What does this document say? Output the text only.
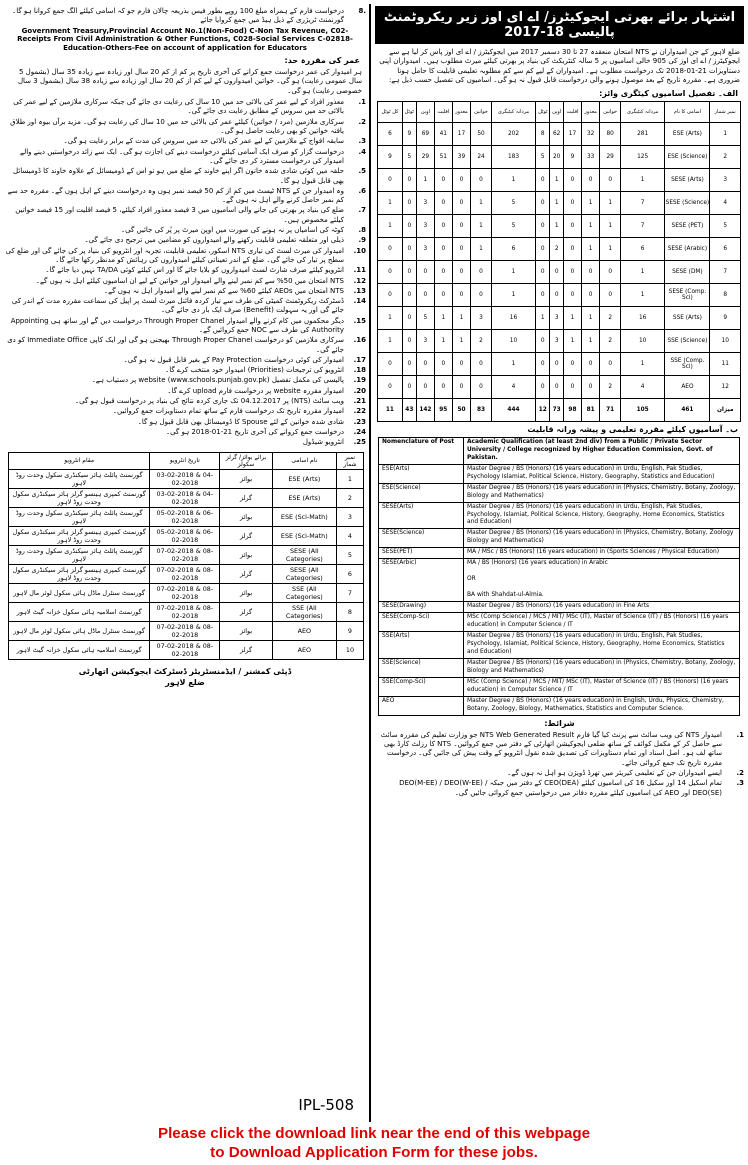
اشتہار برائے بھرتی ایجوکیٹرز/ اے ای اوز زیر ریکروٹمنٹ پالیسی 18-2017
ضلع لاہور کے جن امیدواران نے NTS امتحان منعقدہ 27 تا 30 دسمبر 2017 میں ایجوکیٹرز / اے ای اوز پاس کر لیا ہے سے ایجوکیٹرز / اے ای اوز کی 905 خالی اسامیوں پر 5 سالہ کنٹریکٹ کی بنیاد پر بھرتی کیلئے میرٹ مطلوب ہیں۔ امیدواران اپنی دستاویزات 21-01-2018 تک درخواست مطلوب ہے۔ امیدواران کے لیے کم سے کم مطلوبہ تعلیمی قابلیت کا حامل ہونا ضروری ہے۔ مقررہ تاریخ کے بعد موصول ہونے والی درخواست قابل قبول نہ ہو گی۔ اسامیوں کی تفصیل حسب ذیل ہے:
الف۔ تفصیل اسامیوں کیٹگری وائز:
نمبر شمار	اسامی کا نام	مردانہ کیٹیگری	خواتین	معذور	اقلیت	اوپن	ٹوٹل	مردانہ کیٹیگری	خواتین	معذور	اقلیت	اوپن	ٹوٹل	کل ٹوٹل
1	ESE (Arts)	281	80	32	17	62	8	202	50	17	41	69	9	6
2	ESE (Science)	125	29	33	9	20	5	183	24	39	51	29	5	9
3	SESE (Arts)	1	0	0	0	1	0	1	0	0	0	1	0	0
4	SESE (Science)	7	1	1	0	1	0	5	1	0	0	3	0	1
5	SESE (PET)	7	1	1	0	1	0	5	1	0	0	3	0	1
6	SESE (Arabic)	6	1	1	0	2	0	6	1	0	0	3	0	0
7	SESE (DM)	1	0	0	0	0	0	1	0	0	0	0	0	0
8	SESE (Comp. Sci)	1	0	0	0	0	0	1	0	0	0	0	0	0
9	SSE (Arts)	16	2	1	1	3	1	16	3	1	1	5	0	1
10	SSE (Science)	10	2	1	1	3	0	10	2	1	1	3	0	1
11	SSE (Comp. Sci)	1	0	0	0	0	0	1	0	0	0	0	0	0
12	AEO	4	2	0	0	0	0	4	0	0	0	0	0	0
میزان	461	105	71	81	98	73	12	444	83	50	95	142	43	11
ب۔ آسامیوں کیلئے مقررہ تعلیمی و پیشہ ورانہ قابلیت
Nomenclature of Post	Academic Qualification (at least 2nd div) from a Public / Private Sector University / College recognized by Higher Education Commission, Govt. of Pakistan.
ESE(Arts)	Master Degree / BS (Honors) (16 years education) in Urdu, English, Pak Studies, Psychology Islamiat, Political Science, History, Geography, Statistics and Education)
ESE(Science)	Master Degree / BS (Honors) (16 years education) in (Physics, Chemistry, Botany, Zoology, Biology and Mathematics)
SESE(Arts)	Master Degree / BS (Honors) (16 years education) in Urdu, English, Pak Studies, Psychology, Islamiat, Political Science, History, Geography, Home Economics, Statistics and Education)
SESE(Science)	Master Degree / BS (Honors) (16 years education) in (Physics, Chemistry, Botany, Zoology Biology and Mathematics)
SESE(PET)	MA / MSc / BS (Honors) (16 years education) in (Sports Sciences / Physical Education)
SESE(Arbic)	MA / BS (Honors) (16 years education) in Arabic

OR

BA with Shahdat-ul-Almia.
SESE(Drawing)	Master Degree / BS (Honors) (16 years education) in Fine Arts
SESE(Comp-Sci)	MSc (Comp Science) / MCS / MIT/ MSc (IT), Master of Science (IT) / BS (Honors) (16 years education) in Computer Science / IT
SSE(Arts)	Master Degree / BS (Honors) (16 years education) in Urdu, English, Pak Studies, Psychology, Islamiat, Political Science, History, Geography, Home Economics, Statistics and Education)
SSE(Science)	Master Degree / BS (Honors) (16 years education) in (Physics, Chemistry, Botany, Zoology, Biology and Mathematics)
SSE(Comp-Sci)	MSc (Comp Science) / MCS / MIT/ MSc (IT), Master of Science (IT) / BS (Honors) (16 years education) in Computer Science / IT
AEO	Master Degree / BS (Honors) (16 years education) in English, Urdu, Physics, Chemistry, Botany, Zoology, Biology, Mathematics, Statistics and Computer Science.
شرائط:
1.
امیدوار NTS کی ویب سائٹ سے پرنٹ کیا گیا فارم NTS Web Generated Result جو وزارت تعلیم کی مقررہ سائٹ سے حاصل کر کے مکمل کوائف کے ساتھ ضلعی ایجوکیشن اتھارٹی کے دفتر میں جمع کروائیں۔ NTS کا رزلٹ کارڈ بھی ساتھ لف ہو۔ اصل اسناد اور تمام دستاویزات کی تصدیق شدہ نقول انٹرویو کے وقت پیش کی جائیں گی۔ درخواست مقررہ تاریخ تک جمع کروائی جائے۔
2.
ایسے امیدواران جن کے تعلیمی کیریئر میں تھرڈ ڈویژن ہو اہل نہ ہوں گے۔
3.
تمام اسکیل 14 اور سکیل 16 کی اسامیوں کیلئے CEO(DEA) کے دفتر میں جبکہ DEO(M-EE) / DEO(W-EE) / DEO(SE) اور AEO کی اسامیوں کیلئے مقررہ دفاتر میں درخواستیں جمع کروائی جائیں گی۔
.8
درخواست فارم کے ہمراہ مبلغ 100 روپے بطور فیس بذریعہ چالان فارم جو کہ اسامی کیلئے الگ جمع کروانا ہو گا۔ گورنمنٹ ٹریژری کے ذیل ہیڈ میں جمع کروایا جائے
Government Treasury,Provincial Account No.1(Non-Food) C-Non Tax Revenue, C02-Receipts From Civil Administration & Other Functions, C028-Social Services C-02818-Education-Others-Fee on account of application for Educators
عمر کی مقررہ حد:
ہر امیدوار کی عمر درخواست جمع کرانے کی آخری تاریخ پر کم از کم 20 سال اور زیادہ سے زیادہ 35 سال (بشمول 5 سال عمومی رعایت) ہو گی۔ خواتین امیدواروں کے لیے کم از کم 20 سال اور زیادہ سے زیادہ 38 سال (بشمول 3 سال خصوصی رعایت) ہو گی۔
1.
معذور افراد کے لیے عمر کی بالائی حد میں 10 سال کی رعایت دی جائے گی جبکہ سرکاری ملازمین کے لیے عمر کی بالائی حد میں سروس کے مطابق رعایت دی جائے گی۔
2.
سرکاری ملازمین (مرد / خواتین) کیلئے عمر کی بالائی حد میں 10 سال کی رعایت ہو گی۔ مزید برآں بیوہ اور طلاق یافتہ خواتین کو بھی رعایت حاصل ہو گی۔
3.
سابقہ افواج کے ملازمین کے لیے عمر کی بالائی حد میں سروس کی مدت کے برابر رعایت ہو گی۔
4.
درخواست گزار کو صرف ایک آسامی کیلئے درخواست دینے کی اجازت ہو گی۔ ایک سے زائد درخواستیں دینے والے امیدوار کی درخواست مسترد کر دی جائے گی۔
5.
حلقہ میں کوئی شادی شدہ خاتون اگر اپنے خاوند کے ضلع میں ہو تو اس کے ڈومیسائل کے علاوہ خاوند کا ڈومیسائل بھی قابل قبول ہو گا۔
6.
وہ امیدوار جن کے NTS ٹیسٹ میں کم از کم 50 فیصد نمبر ہوں وہ درخواست دینے کے اہل ہوں گے۔ مقررہ حد سے کم نمبر حاصل کرنے والے اہل نہ ہوں گے۔
7.
ضلع کی بنیاد پر بھرتی کی جانے والی اسامیوں میں 3 فیصد معذور افراد کیلئے، 5 فیصد اقلیت اور 15 فیصد خواتین کیلئے مخصوص ہیں۔
8.
کوٹہ کی اسامیاں پر نہ ہونے کی صورت میں اوپن میرٹ پر پُر کی جائیں گی۔
9.
ذیلی اور متعلقہ تعلیمی قابلیت رکھنے والے امیدواروں کو مضامین میں ترجیح دی جائے گی۔
10.
امیدوار کی میرٹ لسٹ کی تیاری NTS اسکور، تعلیمی قابلیت، تجربہ اور انٹرویو کی بنیاد پر کی جائے گی اور ضلع کی سطح پر تیار کی جائے گی۔ ضلع کے اندر تعیناتی کیلئے امیدواروں کی رہائش کو مدنظر رکھا جائے گا۔
11.
انٹرویو کیلئے صرف شارٹ لسٹ امیدواروں کو بلایا جائے گا اور اس کیلئے کوئی TA/DA نہیں دیا جائے گا۔
12.
NTS امتحان میں 50% سے کم نمبر لینے والے امیدوار اور خواتین کے لیے ان اسامیوں کیلئے اہل نہ ہوں گے۔
13.
NTS امتحان میں AEOs کیلئے 60% سے کم نمبر لینے والے امیدوار اہل نہ ہوں گے۔
14.
ڈسٹرکٹ ریکروٹمنٹ کمیٹی کی طرف سے تیار کردہ فائنل میرٹ لسٹ پر اپیل کی سماعت مقررہ مدت کے اندر کی جائے گی اور یہ سہولت (Benefit) صرف ایک بار دی جائے گی۔
15.
دیگر محکموں میں کام کرنے والے امیدوار Through Proper Chanel درخواست دیں گے اور ساتھ ہی Appointing Authority کی طرف سے NOC جمع کروائیں گے۔
16.
سرکاری ملازمین کو درخواست Through Proper Chanel بھیجنی ہو گی اور ایک کاپی Immediate Office کو دی جائے گی۔
17.
امیدوار کی کوئی درخواست Pay Protection کے بغیر قابل قبول نہ ہو گی۔
18.
انٹرویو کی ترجیحات (Priorities) امیدوار خود منتخب کرے گا۔
19.
پالیسی کی مکمل تفصیل (www.schools.punjab.gov.pk) website پر دستیاب ہے۔
20.
امیدوار مقررہ website پر درخواست فارم upload کرے گا۔
21.
ویب سائٹ (NTS) پر 04.12.2017 تک جاری کردہ نتائج کی بنیاد پر درخواست قبول ہو گی۔
22.
امیدوار مقررہ تاریخ تک درخواست فارم کے ساتھ تمام دستاویزات جمع کروائیں۔
23.
شادی شدہ خواتین کے لئے Spouse کا ڈومیسائل بھی قابل قبول ہو گا۔
24.
درخواست جمع کروانے کی آخری تاریخ 21-01-2018 ہو گی۔
25.
انٹرویو شیڈول
نمبر شمار	نام اسامی	برائے بوائز/ گرلز سکولز	تاریخ انٹرویو	مقام انٹرویو
1	ESE (Arts)	بوائز	03-02-2018 & 04-02-2018	گورنمنٹ پائلٹ ہائر سیکنڈری سکول وحدت روڈ لاہور
2	ESE (Arts)	گرلز	03-02-2018 & 04-02-2018	گورنمنٹ کمپری ہینسو گرلز ہائر سیکنڈری سکول وحدت روڈ لاہور
3	ESE (Sci-Math)	بوائز	05-02-2018 & 06-02-2018	گورنمنٹ پائلٹ ہائر سیکنڈری سکول وحدت روڈ لاہور
4	ESE (Sci-Math)	گرلز	05-02-2018 & 06-02-2018	گورنمنٹ کمپری ہینسو گرلز ہائر سیکنڈری سکول وحدت روڈ لاہور
5	SESE (All Categories)	بوائز	07-02-2018 & 08-02-2018	گورنمنٹ پائلٹ ہائر سیکنڈری سکول وحدت روڈ لاہور
6	SESE (All Categories)	گرلز	07-02-2018 & 08-02-2018	گورنمنٹ کمپری ہینسو گرلز ہائر سیکنڈری سکول وحدت روڈ لاہور
7	SSE (All Categories)	بوائز	07-02-2018 & 08-02-2018	گورنمنٹ سنٹرل ماڈل ہائی سکول لوئر مال لاہور
8	SSE (All Categories)	گرلز	07-02-2018 & 08-02-2018	گورنمنٹ اسلامیہ ہائی سکول خزانہ گیٹ لاہور
9	AEO	بوائز	07-02-2018 & 08-02-2018	گورنمنٹ سنٹرل ماڈل ہائی سکول لوئر مال لاہور
10	AEO	گرلز	07-02-2018 & 08-02-2018	گورنمنٹ اسلامیہ ہائی سکول خزانہ گیٹ لاہور
ڈپٹی کمشنر / ایڈمنسٹریٹر ڈسٹرکٹ ایجوکیشن اتھارٹی
ضلع لاہور
IPL-508
Please click the download link near the end of this webpage
to Download Application Form for these jobs.
